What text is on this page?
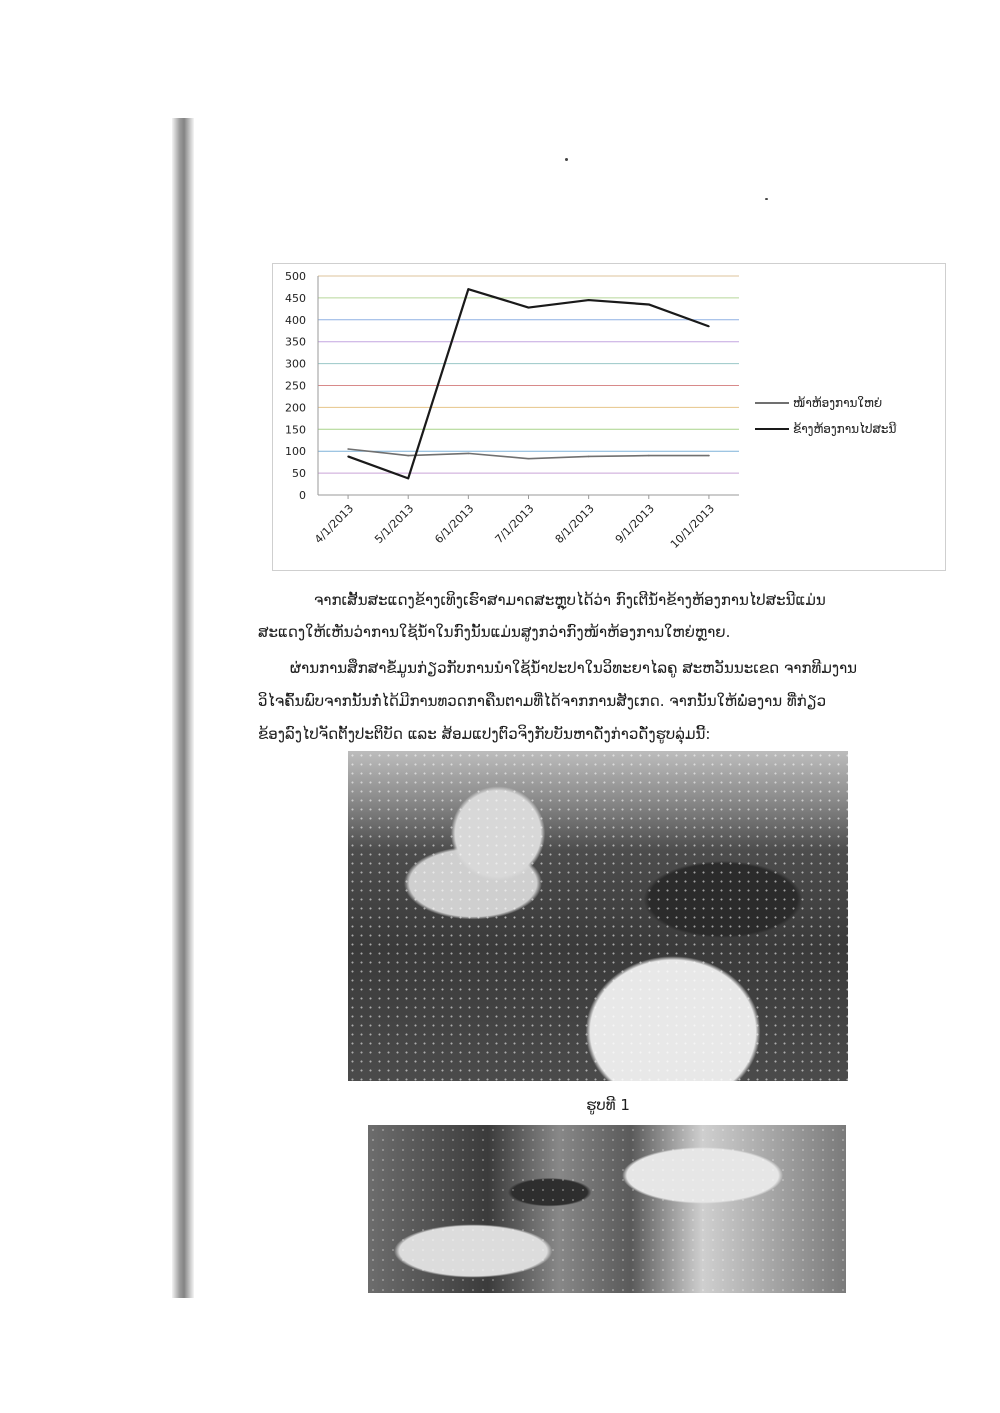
0
50
100
150
200
250
300
350
400
450
500
4/1/2013 5/1/2013 6/1/2013 7/1/2013 8/1/2013 9/1/2013 10/1/2013
ໜ້າຫ້ອງການໃຫຍ່
ຂ້າງຫ້ອງການໄປສະນີ
ຈາກເສັ້ນສະແດງຂ້າງເທິງເຮົາສາມາດສະຫຼຸບໄດ້ວ່າ ກົງເຕີນ້ຳຂ້າງຫ້ອງການໄປສະນີແມ່ນ
ສະແດງໃຫ້ເຫັນວ່າການໃຊ້ນ້ຳໃນກົງນັ້ນແມ່ນສູງກວ່າກົງໜ້າຫ້ອງການໃຫຍ່ຫຼາຍ.
ຜ່ານການສຶກສາຂໍ້ມູນກ່ຽວກັບການນຳໃຊ້ນ້ຳປະປາໃນວິທະຍາໄລຄູ ສະຫວັນນະເຂດ ຈາກທີມງານ
ວິໄຈຄົ້ນພົບຈາກນັ້ນກໍ່ໄດ້ມີການທວດກາຄືນຕາມທີ່ໄດ້ຈາກການສັງເກດ. ຈາກນັ້ນໃຫ້ພໍ່ອງານ ທີ່ກ່ຽວ
ຂ້ອງລົງໄປຈັດຕັ້ງປະຕິບັດ ແລະ ສ້ອມແປງຕົວຈິງກັບບັນຫາດັ່ງກ່າວດັ່ງຮູບລຸ່ມນີ້:
ຮູບທີ 1
